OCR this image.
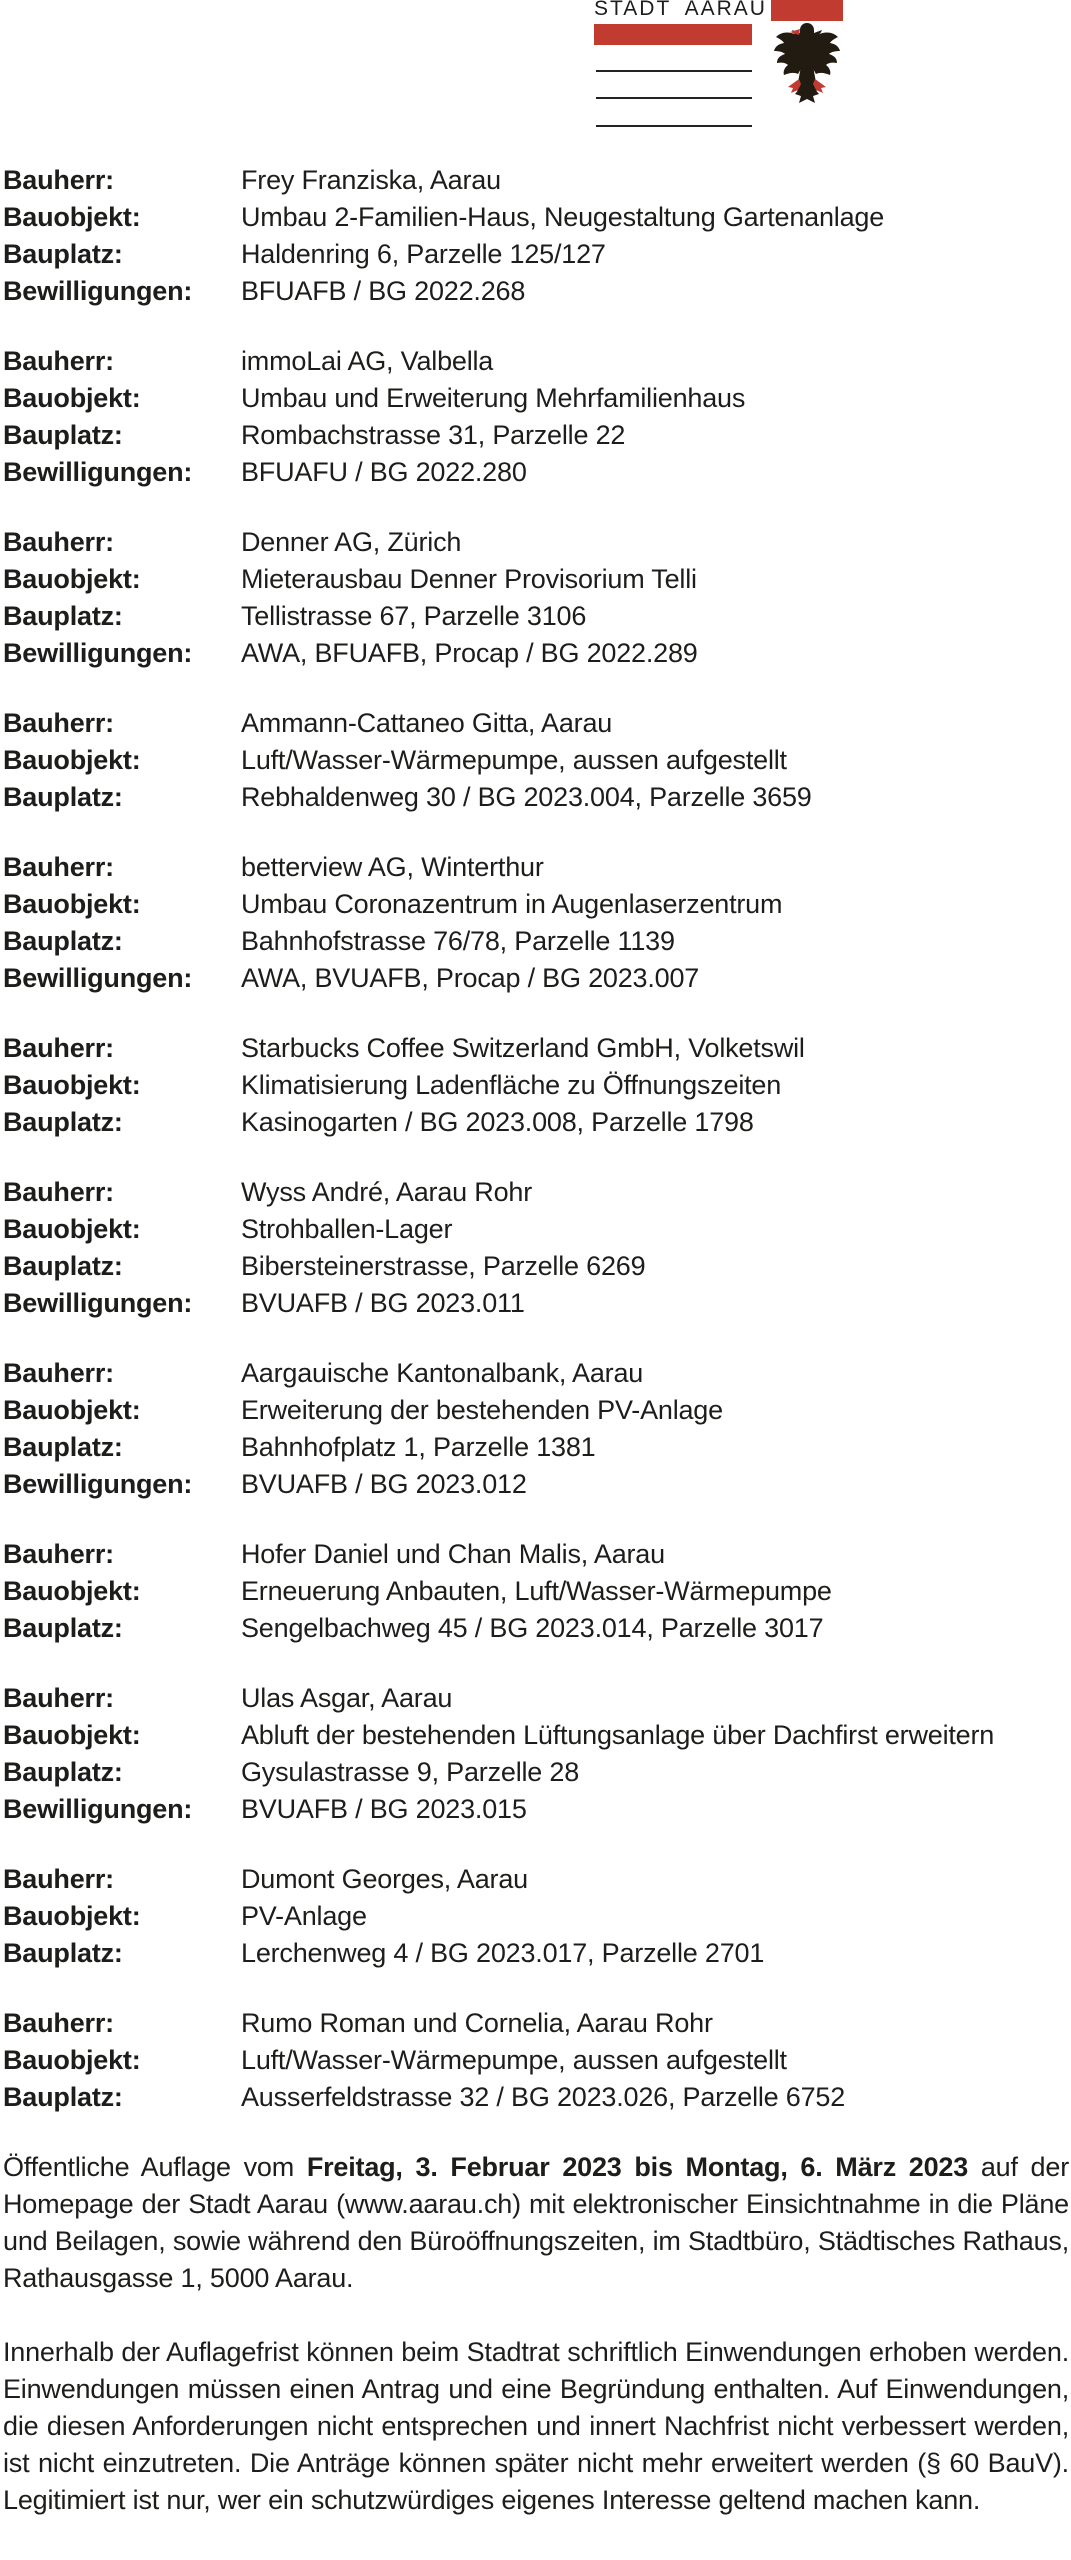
STADT AARAU
Bauherr:	Frey Franziska, Aarau
Bauobjekt:	Umbau 2-Familien-Haus, Neugestaltung Gartenanlage
Bauplatz:	Haldenring 6, Parzelle 125/127
Bewilligungen:	BFUAFB / BG 2022.268
Bauherr:	immoLai AG, Valbella
Bauobjekt:	Umbau und Erweiterung Mehrfamilienhaus
Bauplatz:	Rombachstrasse 31, Parzelle 22
Bewilligungen:	BFUAFU / BG 2022.280
Bauherr:	Denner AG, Zürich
Bauobjekt:	Mieterausbau Denner Provisorium Telli
Bauplatz:	Tellistrasse 67, Parzelle 3106
Bewilligungen:	AWA, BFUAFB, Procap / BG 2022.289
Bauherr:	Ammann-Cattaneo Gitta, Aarau
Bauobjekt:	Luft/Wasser-Wärmepumpe, aussen aufgestellt
Bauplatz:	Rebhaldenweg 30 / BG 2023.004, Parzelle 3659
Bauherr:	betterview AG, Winterthur
Bauobjekt:	Umbau Coronazentrum in Augenlaserzentrum
Bauplatz:	Bahnhofstrasse 76/78, Parzelle 1139
Bewilligungen:	AWA, BVUAFB, Procap / BG 2023.007
Bauherr:	Starbucks Coffee Switzerland GmbH, Volketswil
Bauobjekt:	Klimatisierung Ladenfläche zu Öffnungszeiten
Bauplatz:	Kasinogarten / BG 2023.008, Parzelle 1798
Bauherr:	Wyss André, Aarau Rohr
Bauobjekt:	Strohballen-Lager
Bauplatz:	Bibersteinerstrasse, Parzelle 6269
Bewilligungen:	BVUAFB / BG 2023.011
Bauherr:	Aargauische Kantonalbank, Aarau
Bauobjekt:	Erweiterung der bestehenden PV-Anlage
Bauplatz:	Bahnhofplatz 1, Parzelle 1381
Bewilligungen:	BVUAFB / BG 2023.012
Bauherr:	Hofer Daniel und Chan Malis, Aarau
Bauobjekt:	Erneuerung Anbauten, Luft/Wasser-Wärmepumpe
Bauplatz:	Sengelbachweg 45 / BG 2023.014, Parzelle 3017
Bauherr:	Ulas Asgar, Aarau
Bauobjekt:	Abluft der bestehenden Lüftungsanlage über Dachfirst erweitern
Bauplatz:	Gysulastrasse 9, Parzelle 28
Bewilligungen:	BVUAFB / BG 2023.015
Bauherr:	Dumont Georges, Aarau
Bauobjekt:	PV-Anlage
Bauplatz:	Lerchenweg 4 / BG 2023.017, Parzelle 2701
Bauherr:	Rumo Roman und Cornelia, Aarau Rohr
Bauobjekt:	Luft/Wasser-Wärmepumpe, aussen aufgestellt
Bauplatz:	Ausserfeldstrasse 32 / BG 2023.026, Parzelle 6752

Öffentliche Auflage vom Freitag, 3. Februar 2023 bis Montag, 6. März 2023 auf der Homepage der Stadt Aarau (www.aarau.ch) mit elektronischer Einsichtnahme in die Pläne und Beilagen, sowie während den Büroöffnungszeiten, im Stadtbüro, Städtisches Rathaus, Rathausgasse 1, 5000 Aarau.

Innerhalb der Auflagefrist können beim Stadtrat schriftlich Einwendungen erhoben werden. Einwendungen müssen einen Antrag und eine Begründung enthalten. Auf Einwendungen, die diesen Anforderungen nicht entsprechen und innert Nachfrist nicht verbessert werden, ist nicht einzutreten. Die Anträge können später nicht mehr erweitert werden (§ 60 BauV). Legitimiert ist nur, wer ein schutzwürdiges eigenes Interesse geltend machen kann.
